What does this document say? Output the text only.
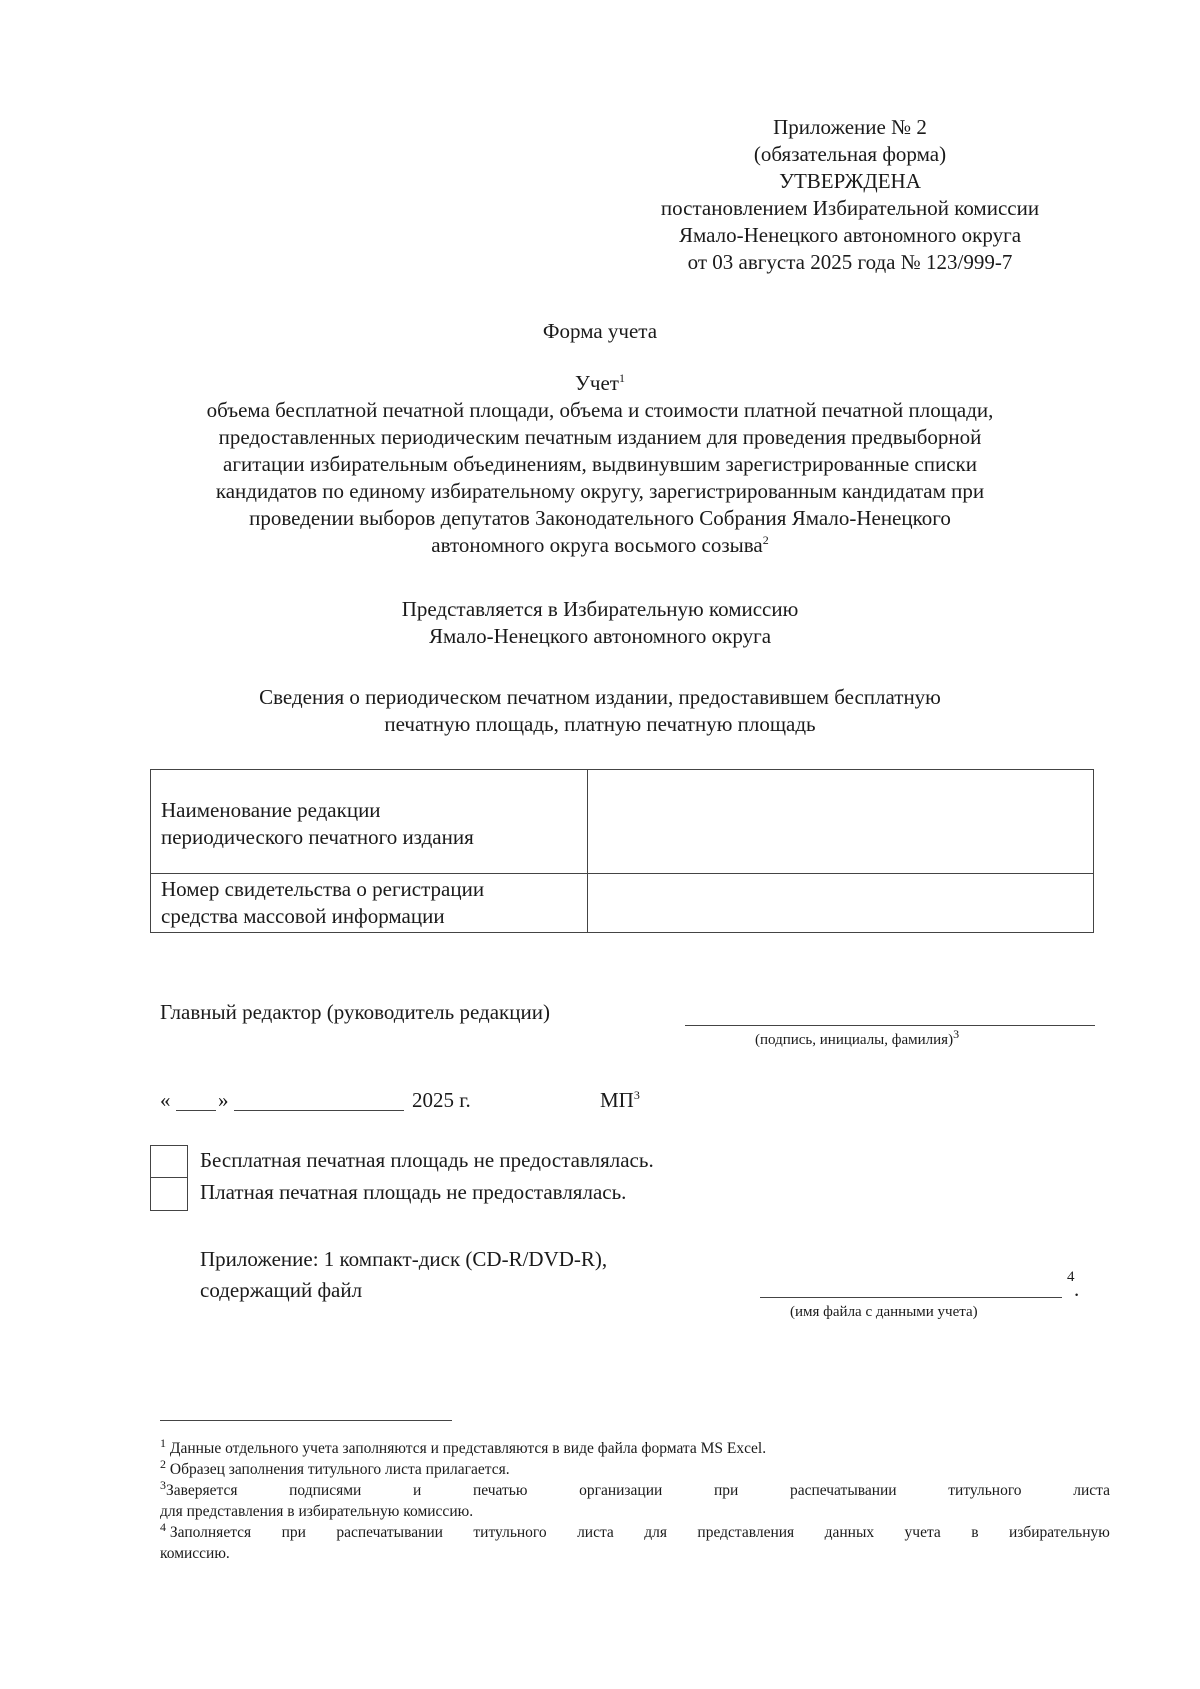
Приложение № 2
(обязательная форма)
УТВЕРЖДЕНА
постановлением Избирательной комиссии
Ямало-Ненецкого автономного округа
от 03 августа 2025 года № 123/999-7
Форма учета
Учет$^1$
объема бесплатной печатной площади, объема и стоимости платной печатной площади,
предоставленных периодическим печатным изданием для проведения предвыборной
агитации избирательным объединениям, выдвинувшим зарегистрированные списки
кандидатов по единому избирательному округу, зарегистрированным кандидатам при
проведении выборов депутатов Законодательного Собрания Ямало-Ненецкого
автономного округа восьмого созыва$^2$
Представляется в Избирательную комиссию
Ямало-Ненецкого автономного округа
Сведения о периодическом печатном издании, предоставившем бесплатную
печатную площадь, платную печатную площадь
Наименование редакции
периодического печатного издания
Номер свидетельства о регистрации
средства массовой информации
Главный редактор (руководитель редакции)
(подпись, инициалы, фамилия)$^3$
« »	2025 г.	$МП^3$
Бесплатная печатная площадь не предоставлялась.
Платная печатная площадь не предоставлялась.
Приложение: 1 компакт-диск (CD-R/DVD-R),
содержащий файл
4 .
(имя файла с данными учета)
$^1$ Данные отдельного учета заполняются и представляются в виде файла формата MS Excel.
$^2$ Образец заполнения титульного листа прилагается.
$^3$Заверяется	подписями	и	печатью	организации	при	распечатывании	титульного	листа
для представления в избирательную комиссию.
$^4$ Заполняется при распечатывании титульного листа для представления данных учета в избирательную
комиссию.
